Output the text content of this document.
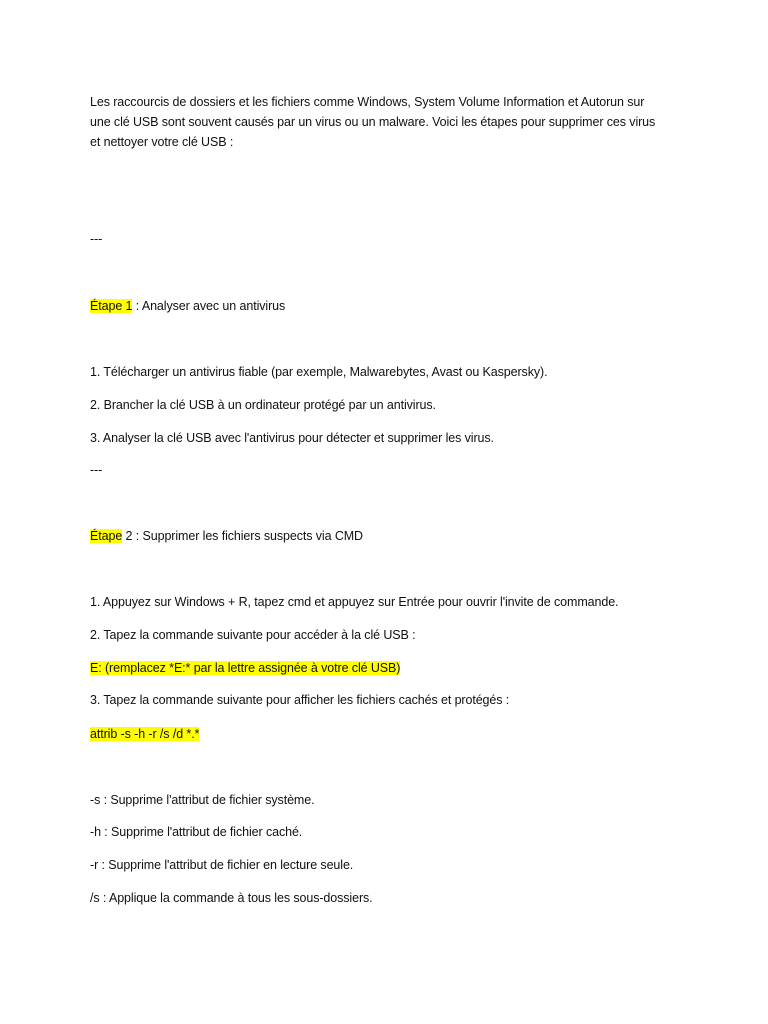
Les raccourcis de dossiers et les fichiers comme Windows, System Volume Information et Autorun sur
une clé USB sont souvent causés par un virus ou un malware. Voici les étapes pour supprimer ces virus
et nettoyer votre clé USB :
---
Étape 1 : Analyser avec un antivirus
1. Télécharger un antivirus fiable (par exemple, Malwarebytes, Avast ou Kaspersky).
2. Brancher la clé USB à un ordinateur protégé par un antivirus.
3. Analyser la clé USB avec l'antivirus pour détecter et supprimer les virus.
---
Étape 2 : Supprimer les fichiers suspects via CMD
1. Appuyez sur Windows + R, tapez cmd et appuyez sur Entrée pour ouvrir l'invite de commande.
2. Tapez la commande suivante pour accéder à la clé USB :
E: (remplacez *E:* par la lettre assignée à votre clé USB)
3. Tapez la commande suivante pour afficher les fichiers cachés et protégés :
attrib -s -h -r /s /d *.*
-s : Supprime l'attribut de fichier système.
-h : Supprime l'attribut de fichier caché.
-r : Supprime l'attribut de fichier en lecture seule.
/s : Applique la commande à tous les sous-dossiers.
